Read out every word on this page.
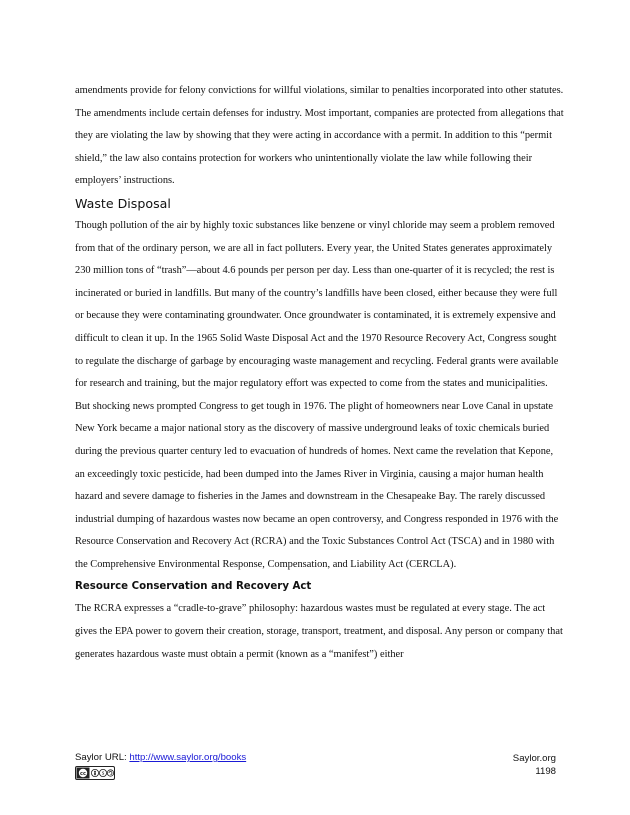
amendments provide for felony convictions for willful violations, similar to penalties incorporated into other statutes.

The amendments include certain defenses for industry. Most important, companies are protected from allegations that they are violating the law by showing that they were acting in accordance with a permit. In addition to this “permit shield,” the law also contains protection for workers who unintentionally violate the law while following their employers’ instructions.

Waste Disposal

Though pollution of the air by highly toxic substances like benzene or vinyl chloride may seem a problem removed from that of the ordinary person, we are all in fact polluters. Every year, the United States generates approximately 230 million tons of “trash”—about 4.6 pounds per person per day. Less than one-quarter of it is recycled; the rest is incinerated or buried in landfills. But many of the country’s landfills have been closed, either because they were full or because they were contaminating groundwater. Once groundwater is contaminated, it is extremely expensive and difficult to clean it up. In the 1965 Solid Waste Disposal Act and the 1970 Resource Recovery Act, Congress sought to regulate the discharge of garbage by encouraging waste management and recycling. Federal grants were available for research and training, but the major regulatory effort was expected to come from the states and municipalities.

But shocking news prompted Congress to get tough in 1976. The plight of homeowners near Love Canal in upstate New York became a major national story as the discovery of massive underground leaks of toxic chemicals buried during the previous quarter century led to evacuation of hundreds of homes. Next came the revelation that Kepone, an exceedingly toxic pesticide, had been dumped into the James River in Virginia, causing a major human health hazard and severe damage to fisheries in the James and downstream in the Chesapeake Bay. The rarely discussed industrial dumping of hazardous wastes now became an open controversy, and Congress responded in 1976 with the Resource Conservation and Recovery Act (RCRA) and the Toxic Substances Control Act (TSCA) and in 1980 with the Comprehensive Environmental Response, Compensation, and Liability Act (CERCLA).

Resource Conservation and Recovery Act

The RCRA expresses a “cradle-to-grave” philosophy: hazardous wastes must be regulated at every stage. The act gives the EPA power to govern their creation, storage, transport, treatment, and disposal. Any person or company that generates hazardous waste must obtain a permit (known as a “manifest”) either

Saylor URL: http://www.saylor.org/books
cc	$
Saylor.org
1198
